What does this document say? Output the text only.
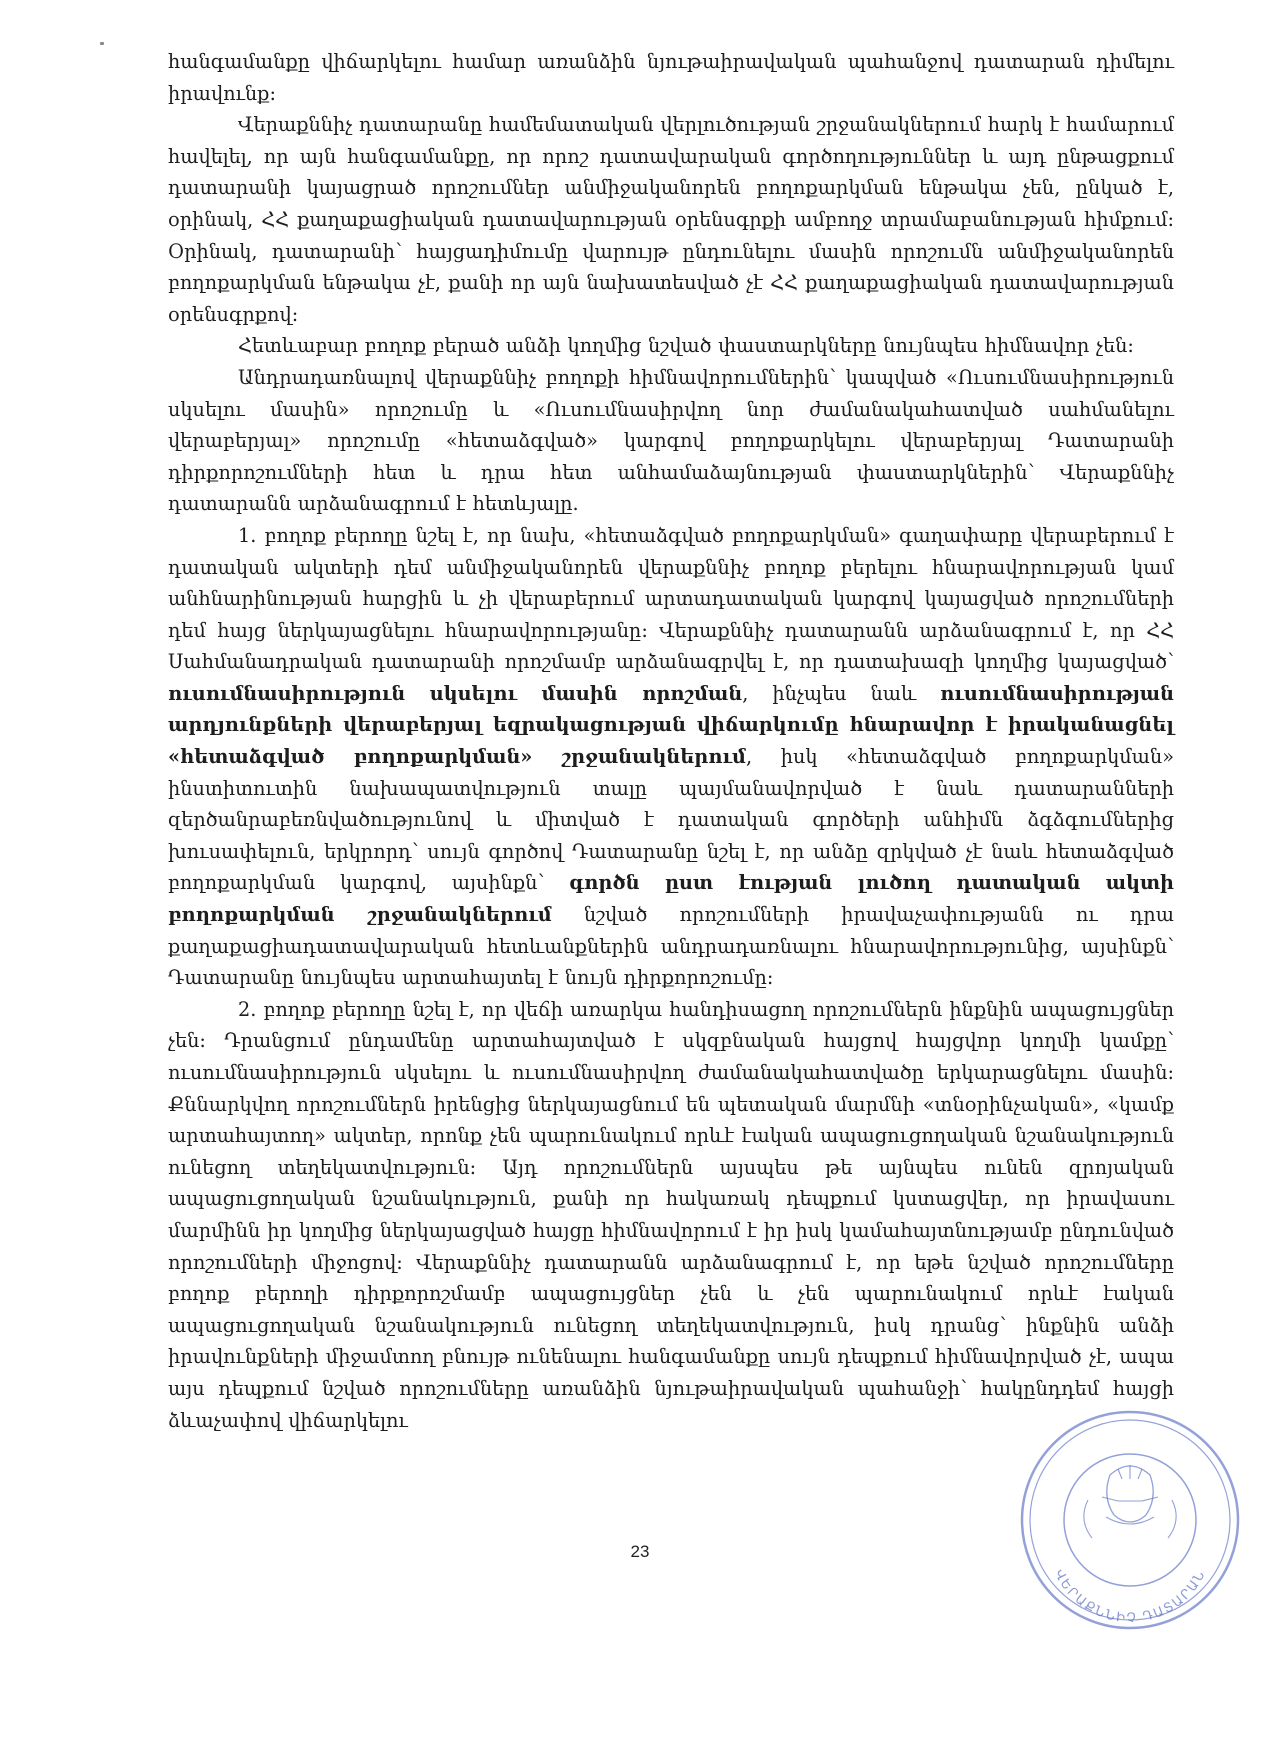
հանգամանքը վիճարկելու համար առանձին նյութաիրավական պահանջով դատարան դիմելու իրավունք:

Վերաքննիչ դատարանը համեմատական վերլուծության շրջանակներում հարկ է համարում հավելել, որ այն հանգամանքը, որ որոշ դատավարական գործողություններ և այդ ընթացքում դատարանի կայացրած որոշումներ անմիջականորեն բողոքարկման ենթակա չեն, ընկած է, օրինակ, ՀՀ քաղաքացիական դատավարության օրենսգրքի ամբողջ տրամաբանության հիմքում: Օրինակ, դատարանի՝ հայցադիմումը վարույթ ընդունելու մասին որոշումն անմիջականորեն բողոքարկման ենթակա չէ, քանի որ այն նախատեսված չէ ՀՀ քաղաքացիական դատավարության օրենսգրքով:

Հետևաբար բողոք բերած անձի կողմից նշված փաստարկները նույնպես հիմնավոր չեն:

Անդրադառնալով վերաքննիչ բողոքի հիմնավորումներին՝ կապված «Ուսումնասիրություն սկսելու մասին» որոշումը և «Ուսումնասիրվող նոր ժամանակահատված սահմանելու վերաբերյալ» որոշումը «հետաձգված» կարգով բողոքարկելու վերաբերյալ Դատարանի դիրքորոշումների հետ և դրա հետ անհամաձայնության փաստարկներին՝ Վերաքննիչ դատարանն արձանագրում է հետևյալը.

1. բողոք բերողը նշել է, որ նախ, «հետաձգված բողոքարկման» գաղափարը վերաբերում է դատական ակտերի դեմ անմիջականորեն վերաքննիչ բողոք բերելու հնարավորության կամ անհնարինության հարցին և չի վերաբերում արտադատական կարգով կայացված որոշումների դեմ հայց ներկայացնելու հնարավորությանը: Վերաքննիչ դատարանն արձանագրում է, որ ՀՀ Սահմանադրական դատարանի որոշմամբ արձանագրվել է, որ դատախազի կողմից կայացված՝ ուսումնասիրություն սկսելու մասին որոշման, ինչպես նաև ուսումնասիրության արդյունքների վերաբերյալ եզրակացության վիճարկումը հնարավոր է իրականացնել «հետաձգված բողոքարկման» շրջանակներում, իսկ «հետաձգված բողոքարկման» ինստիտուտին նախապատվություն տալը պայմանավորված է նաև դատարանների զերծանրաբեռնվածությունով և միտված է դատական գործերի անհիմն ձգձգումներից խուսափելուն, երկրորդ՝ սույն գործով Դատարանը նշել է, որ անձը զրկված չէ նաև հետաձգված բողոքարկման կարգով, այսինքն՝ գործն ըստ էության լուծող դատական ակտի բողոքարկման շրջանակներում նշված որոշումների իրավաչափությանն ու դրա քաղաքացիադատավարական հետևանքներին անդրադառնալու հնարավորությունից, այսինքն՝ Դատարանը նույնպես արտահայտել է նույն դիրքորոշումը:

2. բողոք բերողը նշել է, որ վեճի առարկա հանդիսացող որոշումներն ինքնին ապացույցներ չեն: Դրանցում ընդամենը արտահայտված է սկզբնական հայցով հայցվոր կողմի կամքը՝ ուսումնասիրություն սկսելու և ուսումնասիրվող ժամանակահատվածը երկարացնելու մասին: Քննարկվող որոշումներն իրենցից ներկայացնում են պետական մարմնի «տնօրինչական», «կամք արտահայտող» ակտեր, որոնք չեն պարունակում որևէ էական ապացուցողական նշանակություն ունեցող տեղեկատվություն: Այդ որոշումներն այսպես թե այնպես ունեն զրոյական ապացուցողական նշանակություն, քանի որ հակառակ դեպքում կստացվեր, որ իրավասու մարմինն իր կողմից ներկայացված հայցը հիմնավորում է իր իսկ կամահայտնությամբ ընդունված որոշումների միջոցով: Վերաքննիչ դատարանն արձանագրում է, որ եթե նշված որոշումները բողոք բերողի դիրքորոշմամբ ապացույցներ չեն և չեն պարունակում որևէ էական ապացուցողական նշանակություն ունեցող տեղեկատվություն, իսկ դրանց՝ ինքնին անձի իրավունքների միջամտող բնույթ ունենալու հանգամանքը սույն դեպքում հիմնավորված չէ, ապա այս դեպքում նշված որոշումները առանձին նյութաիրավական պահանջի՝ հակընդդեմ հայցի ձևաչափով վիճարկելու

23
ՎԵՐԱՔՆՆԻՉ ԴԱՏԱՐԱՆ
